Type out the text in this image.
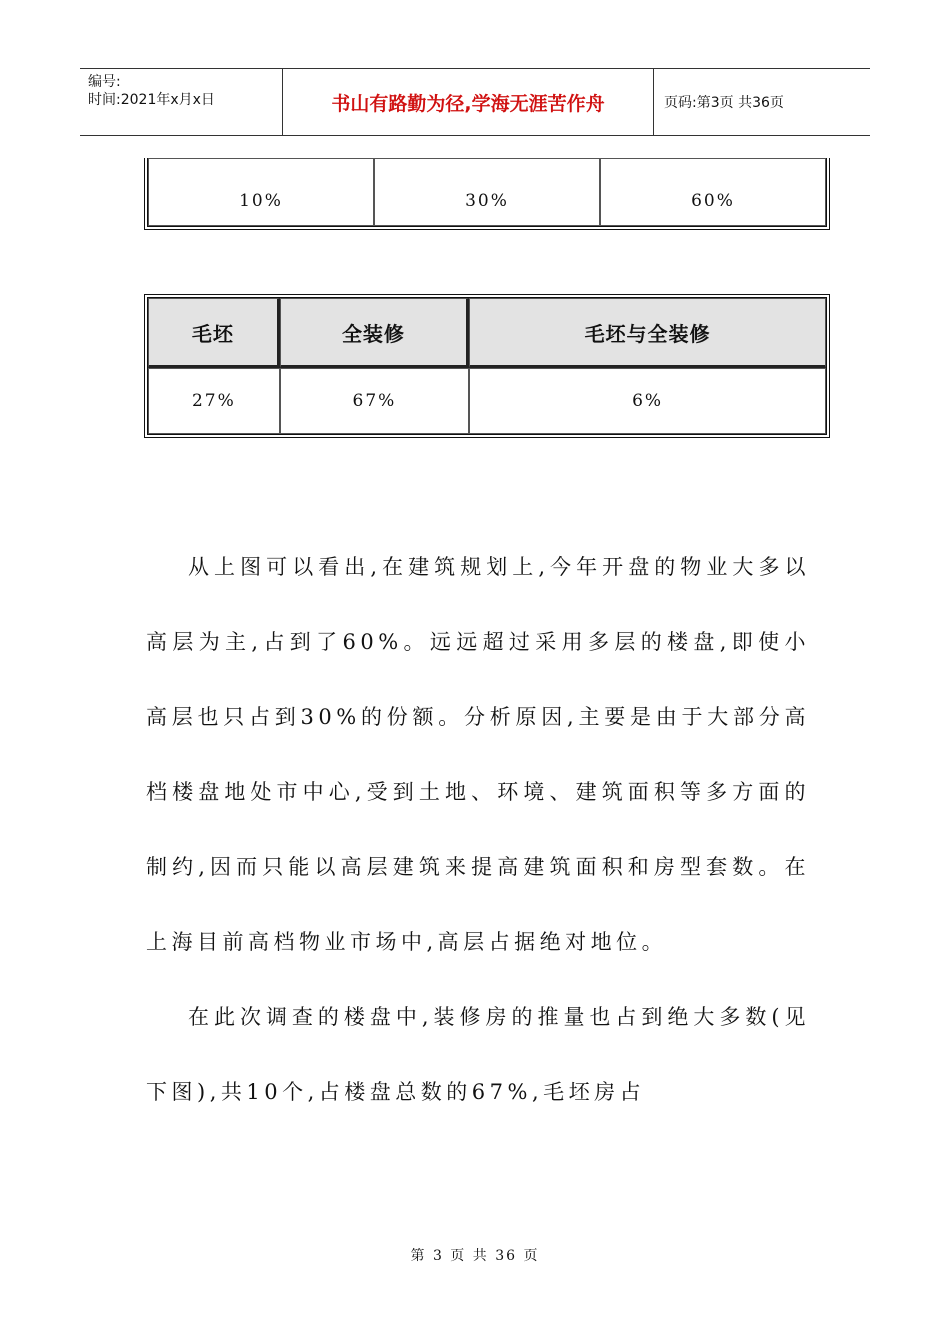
编号:
时间:2021年x月x日	书山有路勤为径,学海无涯苦作舟	页码:第3页 共36页
10%	30%	60%
毛坯	全装修	毛坯与全装修
27%	67%	6%

从上图可以看出,在建筑规划上,今年开盘的物业大多以高层为主,占到了60%。远远超过采用多层的楼盘,即使小高层也只占到30%的份额。分析原因,主要是由于大部分高档楼盘地处市中心,受到土地、环境、建筑面积等多方面的制约,因而只能以高层建筑来提高建筑面积和房型套数。在上海目前高档物业市场中,高层占据绝对地位。

在此次调查的楼盘中,装修房的推量也占到绝大多数(见下图),共10个,占楼盘总数的67%,毛坯房占

第 3 页 共 36 页
